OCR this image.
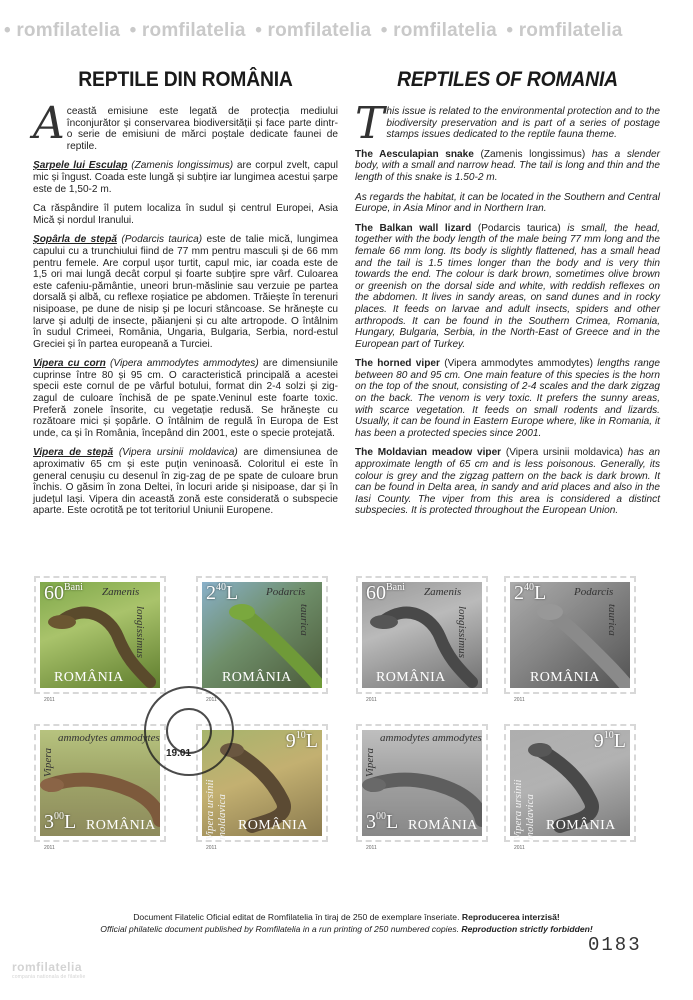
• romfilatelia • romfilatelia • romfilatelia • romfilatelia • romfilatelia
REPTILE DIN ROMÂNIA

Această emisiune este legată de protecția mediului înconjurător și conservarea biodiversității și face parte dintr-o serie de emisiuni de mărci poștale dedicate faunei de reptile.

Șarpele lui Esculap (Zamenis longissimus) are corpul zvelt, capul mic și îngust. Coada este lungă și subțire iar lungimea acestui șarpe este de 1,50-2 m.

Ca răspândire îl putem localiza în sudul și centrul Europei, Asia Mică și nordul Iranului.

Șopârla de stepă (Podarcis taurica) este de talie mică, lungimea capului cu a trunchiului fiind de 77 mm pentru masculi și de 66 mm pentru femele. Are corpul ușor turtit, capul mic, iar coada este de 1,5 ori mai lungă decât corpul și foarte subțire spre vârf. Culoarea este cafeniu-pământie, uneori brun-măslinie sau verzuie pe partea dorsală și albă, cu reflexe roșiatice pe abdomen. Trăiește în terenuri nisipoase, pe dune de nisip și pe locuri stâncoase. Se hrănește cu larve și adulți de insecte, păianjeni și cu alte artropode. O întâlnim în sudul Crimeei, România, Ungaria, Bulgaria, Serbia, nord-estul Greciei și în partea europeană a Turciei.

Vipera cu corn (Vipera ammodytes ammodytes) are dimensiunile cuprinse între 80 și 95 cm. O caracteristică principală a acestei specii este cornul de pe vârful botului, format din 2-4 solzi și zig-zagul de culoare închisă de pe spate.Veninul este foarte toxic. Preferă zonele însorite, cu vegetație redusă. Se hrănește cu rozătoare mici și șopârle. O întâlnim de regulă în Europa de Est unde, ca și în România, începând din 2001, este o specie protejată.

Vipera de stepă (Vipera ursinii moldavica) are dimensiunea de aproximativ 65 cm și este puțin veninoasă. Coloritul ei este în general cenușiu cu desenul în zig-zag de pe spate de culoare brun închis. O găsim în zona Deltei, în locuri aride și nisipoase, dar și în județul Iași. Vipera din această zonă este considerată o subspecie aparte. Este ocrotită pe tot teritoriul Uniunii Europene.

REPTILES OF ROMANIA

This issue is related to the environmental protection and to the biodiversity preservation and is part of a series of postage stamps issues dedicated to the reptile fauna theme.

The Aesculapian snake (Zamenis longissimus) has a slender body, with a small and narrow head. The tail is long and thin and the length of this snake is 1.50-2 m.

As regards the habitat, it can be located in the Southern and Central Europe, in Asia Minor and in Northern Iran.

The Balkan wall lizard (Podarcis taurica) is small, the head, together with the body length of the male being 77 mm long and the female 66 mm long. Its body is slightly flattened, has a small head and the tail is 1.5 times longer than the body and is very thin towards the end. The colour is dark brown, sometimes olive brown or greenish on the dorsal side and white, with reddish reflexes on the abdomen. It lives in sandy areas, on sand dunes and in rocky places. It feeds on larvae and adult insects, spiders and other arthropods. It can be found in the Southern Crimea, Romania, Hungary, Bulgaria, Serbia, in the North-East of Greece and in the European part of Turkey.

The horned viper (Vipera ammodytes ammodytes) lengths range between 80 and 95 cm. One main feature of this species is the horn on the top of the snout, consisting of 2-4 scales and the dark zigzag on the back. The venom is very toxic. It prefers the sunny areas, with scarce vegetation. It feeds on small rodents and lizards. Usually, it can be found in Eastern Europe where, like in Romania, it has been a protected species since 2001.

The Moldavian meadow viper (Vipera ursinii moldavica) has an approximate length of 65 cm and is less poisonous. Generally, its colour is grey and the zigzag pattern on the back is dark brown. It can be found in Delta area, in sandy and arid places and also in the Iasi County. The viper from this area is considered a distinct subspecies. It is protected throughout the European Union.

$60^{Bani}$ Zamenis
longissimus
ROMÂNIA
2011
$2^{40}L$	Podarcis
taurica
ROMÂNIA
2011
Vipera
ammodytes ammodytes
$3^{00}L$ ROMÂNIA
2011
$9^{10}L$
Vipera ursinii moldavica ROMÂNIA
2011
19.01
$60^{Bani}$ Zamenis
longissimus
ROMÂNIA
2011
$2^{40}L$	Podarcis
taurica
ROMÂNIA
2011
Vipera
ammodytes ammodytes
$3^{00}L$ ROMÂNIA
2011
$9^{10}L$
Vipera ursinii moldavica ROMÂNIA
2011

Document Filatelic Oficial editat de Romfilatelia în tiraj de 250 de exemplare înseriate. Reproducerea interzisă!

Official philatelic document published by Romfilatelia in a run printing of 250 numbered copies. Reproduction strictly forbidden!

0183
romfilatelia
compania nationala de filatelie
